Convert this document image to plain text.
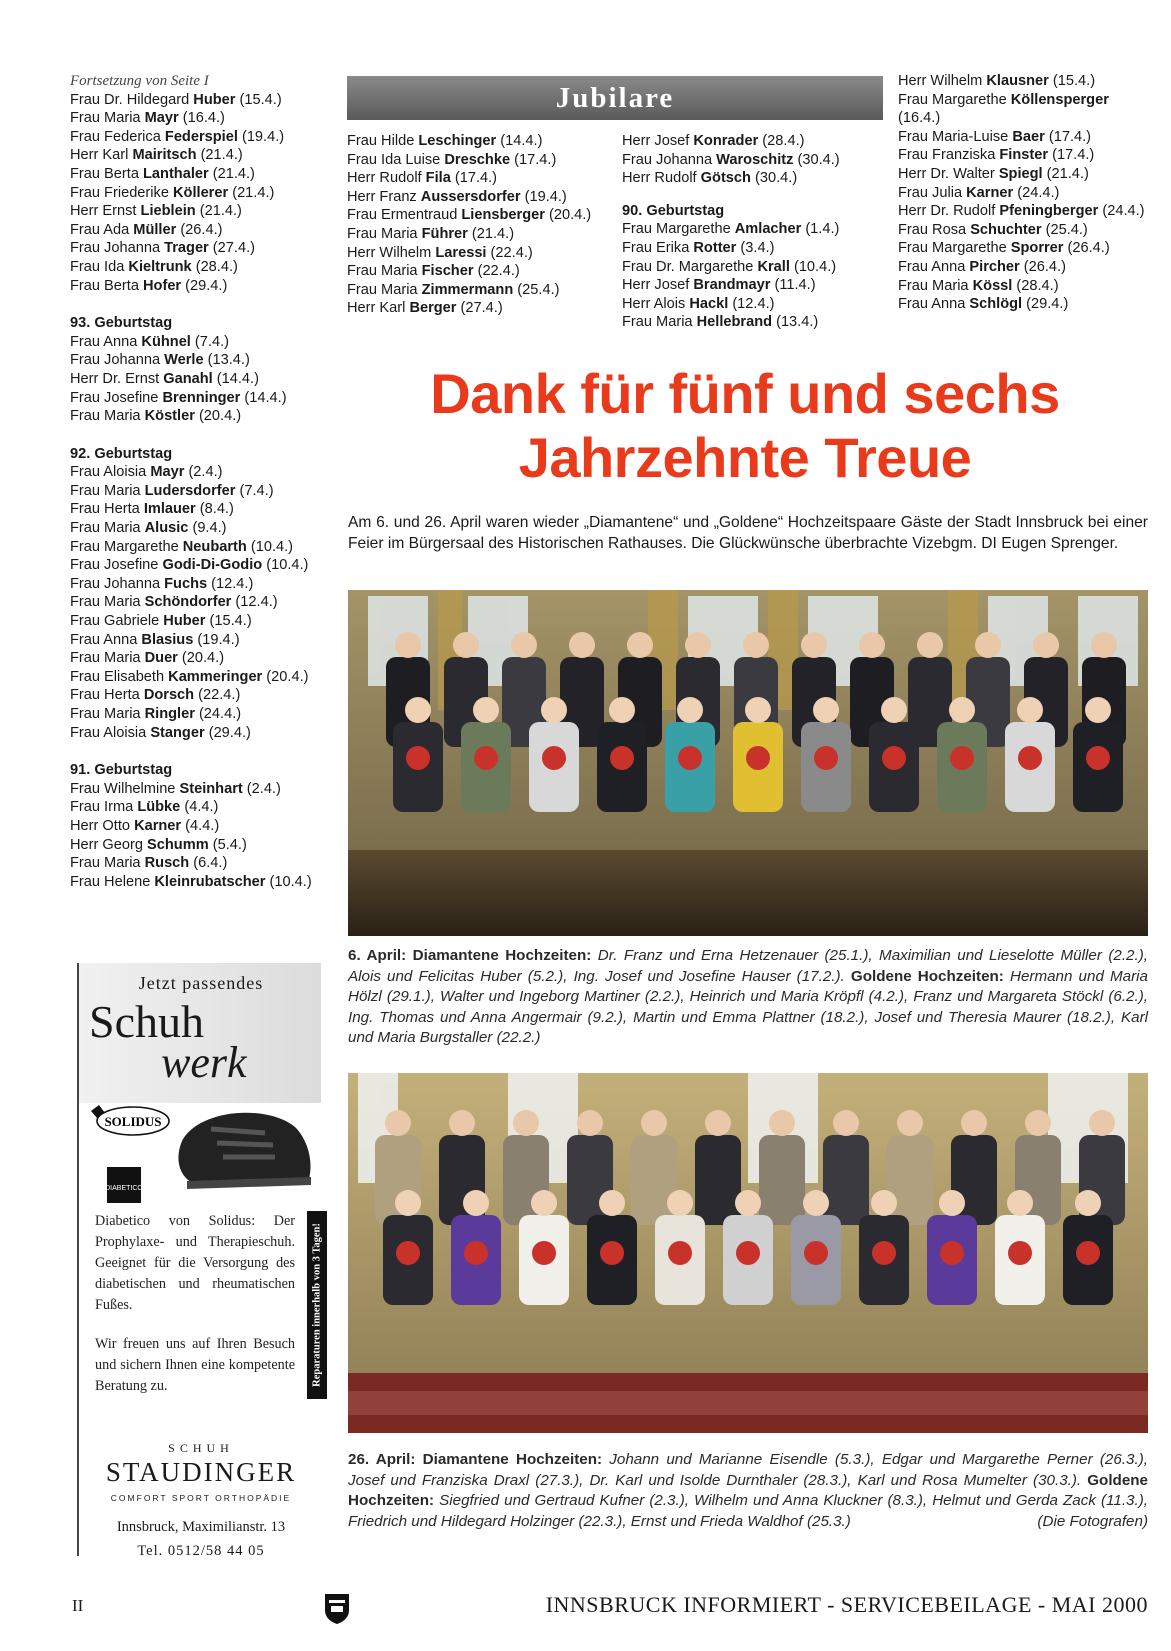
Fortsetzung von Seite I
Frau Dr. Hildegard Huber (15.4.)
Frau Maria Mayr (16.4.)
Frau Federica Federspiel (19.4.)
Herr Karl Mairitsch (21.4.)
Frau Berta Lanthaler (21.4.)
Frau Friederike Köllerer (21.4.)
Herr Ernst Lieblein (21.4.)
Frau Ada Müller (26.4.)
Frau Johanna Trager (27.4.)
Frau Ida Kieltrunk (28.4.)
Frau Berta Hofer (29.4.)
93. Geburtstag
Frau Anna Kühnel (7.4.)
Frau Johanna Werle (13.4.)
Herr Dr. Ernst Ganahl (14.4.)
Frau Josefine Brenninger (14.4.)
Frau Maria Köstler (20.4.)
92. Geburtstag
Frau Aloisia Mayr (2.4.)
Frau Maria Ludersdorfer (7.4.)
Frau Herta Imlauer (8.4.)
Frau Maria Alusic (9.4.)
Frau Margarethe Neubarth (10.4.)
Frau Josefine Godi-Di-Godio (10.4.)
Frau Johanna Fuchs (12.4.)
Frau Maria Schöndorfer (12.4.)
Frau Gabriele Huber (15.4.)
Frau Anna Blasius (19.4.)
Frau Maria Duer (20.4.)
Frau Elisabeth Kammeringer (20.4.)
Frau Herta Dorsch (22.4.)
Frau Maria Ringler (24.4.)
Frau Aloisia Stanger (29.4.)
91. Geburtstag
Frau Wilhelmine Steinhart (2.4.)
Frau Irma Lübke (4.4.)
Herr Otto Karner (4.4.)
Herr Georg Schumm (5.4.)
Frau Maria Rusch (6.4.)
Frau Helene Kleinrubatscher (10.4.)
Jubilare
Frau Hilde Leschinger (14.4.)
Frau Ida Luise Dreschke (17.4.)
Herr Rudolf Fila (17.4.)
Herr Franz Aussersdorfer (19.4.)
Frau Ermentraud Liensberger (20.4.)
Frau Maria Führer (21.4.)
Herr Wilhelm Laressi (22.4.)
Frau Maria Fischer (22.4.)
Frau Maria Zimmermann (25.4.)
Herr Karl Berger (27.4.)
Herr Josef Konrader (28.4.)
Frau Johanna Waroschitz (30.4.)
Herr Rudolf Götsch (30.4.)
90. Geburtstag
Frau Margarethe Amlacher (1.4.)
Frau Erika Rotter (3.4.)
Frau Dr. Margarethe Krall (10.4.)
Herr Josef Brandmayr (11.4.)
Herr Alois Hackl (12.4.)
Frau Maria Hellebrand (13.4.)
Herr Wilhelm Klausner (15.4.)
Frau Margarethe Köllensperger (16.4.)
Frau Maria-Luise Baer (17.4.)
Frau Franziska Finster (17.4.)
Herr Dr. Walter Spiegl (21.4.)
Frau Julia Karner (24.4.)
Herr Dr. Rudolf Pfeningberger (24.4.)
Frau Rosa Schuchter (25.4.)
Frau Margarethe Sporrer (26.4.)
Frau Anna Pircher (26.4.)
Frau Maria Kössl (28.4.)
Frau Anna Schlögl (29.4.)
Dank für fünf und sechs
Jahrzehnte Treue
Am 6. und 26. April waren wieder „Diamantene“ und „Goldene“ Hochzeitspaare Gäste der Stadt Innsbruck bei einer Feier im Bürgersaal des Historischen Rathauses. Die Glückwünsche überbrachte Vizebgm. DI Eugen Sprenger.
6. April: Diamantene Hochzeiten: Dr. Franz und Erna Hetzenauer (25.1.), Maximilian und Lieselotte Müller (2.2.), Alois und Felicitas Huber (5.2.), Ing. Josef und Josefine Hauser (17.2.). Goldene Hochzeiten: Hermann und Maria Hölzl (29.1.), Walter und Ingeborg Martiner (2.2.), Heinrich und Maria Kröpfl (4.2.), Franz und Margareta Stöckl (6.2.), Ing. Thomas und Anna Angermair (9.2.), Martin und Emma Plattner (18.2.), Josef und Theresia Maurer (18.2.), Karl und Maria Burgstaller (22.2.)
26. April: Diamantene Hochzeiten: Johann und Marianne Eisendle (5.3.), Edgar und Margarethe Perner (26.3.), Josef und Franziska Draxl (27.3.), Dr. Karl und Isolde Durnthaler (28.3.), Karl und Rosa Mumelter (30.3.). Goldene Hochzeiten: Siegfried und Gertraud Kufner (2.3.), Wilhelm und Anna Kluckner (8.3.), Helmut und Gerda Zack (11.3.), Friedrich und Hildegard Holzinger (22.3.), Ernst und Frieda Waldhof (25.3.)	(Die Fotografen)
Jetzt passendes
Schuh
werk
SOLIDUS
DIABETICO
Diabetico von Solidus: Der Prophylaxe- und Therapieschuh. Geeignet für die Versorgung des diabetischen und rheumatischen Fußes.
Wir freuen uns auf Ihren Besuch und sichern Ihnen eine kompetente Beratung zu.	Reparaturen innerhalb von 3 Tagen!
SCHUH
STAUDINGER
COMFORT SPORT ORTHOPÄDIE
Innsbruck, Maximilianstr. 13
Tel. 0512/58 44 05
II	INNSBRUCK INFORMIERT - SERVICEBEILAGE - MAI 2000
